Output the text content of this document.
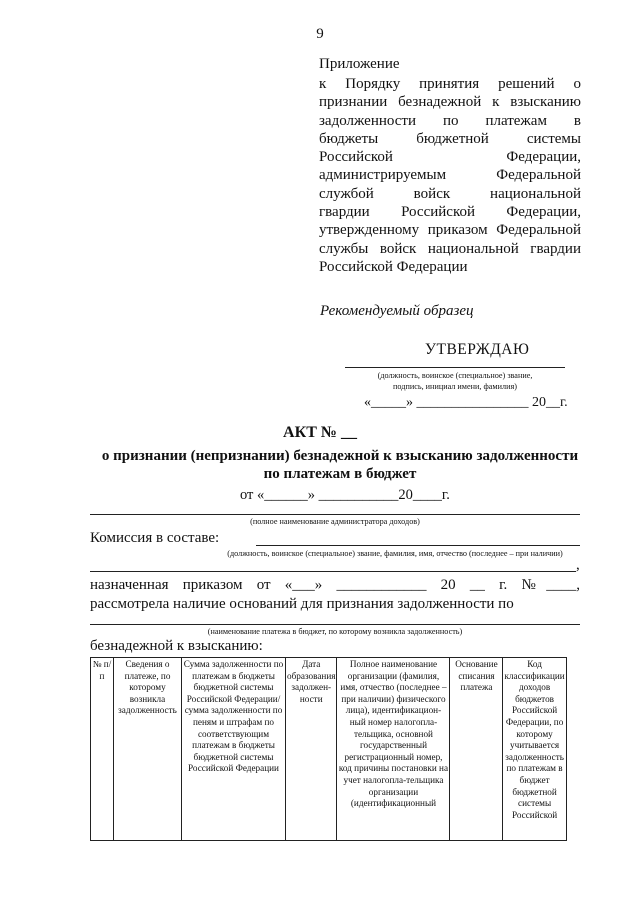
9
Приложение
к Порядку принятия решений о
признании безнадежной к взысканию
задолженности по платежам в
бюджеты бюджетной системы
Российской Федерации,
администрируемым Федеральной
службой войск национальной
гвардии Российской Федерации,
утвержденному приказом Федеральной
службы войск национальной гвардии
Российской Федерации
Рекомендуемый образец
УТВЕРЖДАЮ
(должность, воинское (специальное) звание,
подпись, инициал имени, фамилия)
«_____» ________________ 20__г.
АКТ № __
о признании (непризнании) безнадежной к взысканию задолженности
по платежам в бюджет
от «______» ___________20____г.
(полное наименование администратора доходов)
Комиссия в составе:
(должность, воинское (специальное) звание, фамилия, имя, отчество (последнее – при наличии)
,
назначенная приказом от «___» ____________ 20 __ г. №____,
рассмотрела наличие оснований для признания задолженности по
(наименование платежа в бюджет, по которому возникла задолженность)
безнадежной к взысканию:
№ п/п	Сведения о платеже, по которому возникла задолженность	Сумма задолженности по платежам в бюджеты бюджетной системы Российской Федерации/сумма задолженности по пеням и штрафам по соответствующим платежам в бюджеты бюджетной системы Российской Федерации	Дата образования задолжен-ности	Полное наименование организации (фамилия, имя, отчество (последнее – при наличии) физического лица), идентификацион-ный номер налогопла-тельщика, основной государственный регистрационный номер, код причины постановки на учет налогопла-тельщика организации (идентификационный	Основание списания платежа	Код классификации доходов бюджетов Российской Федерации, по которому учитывается задолженность по платежам в бюджет бюджетной системы Российской
